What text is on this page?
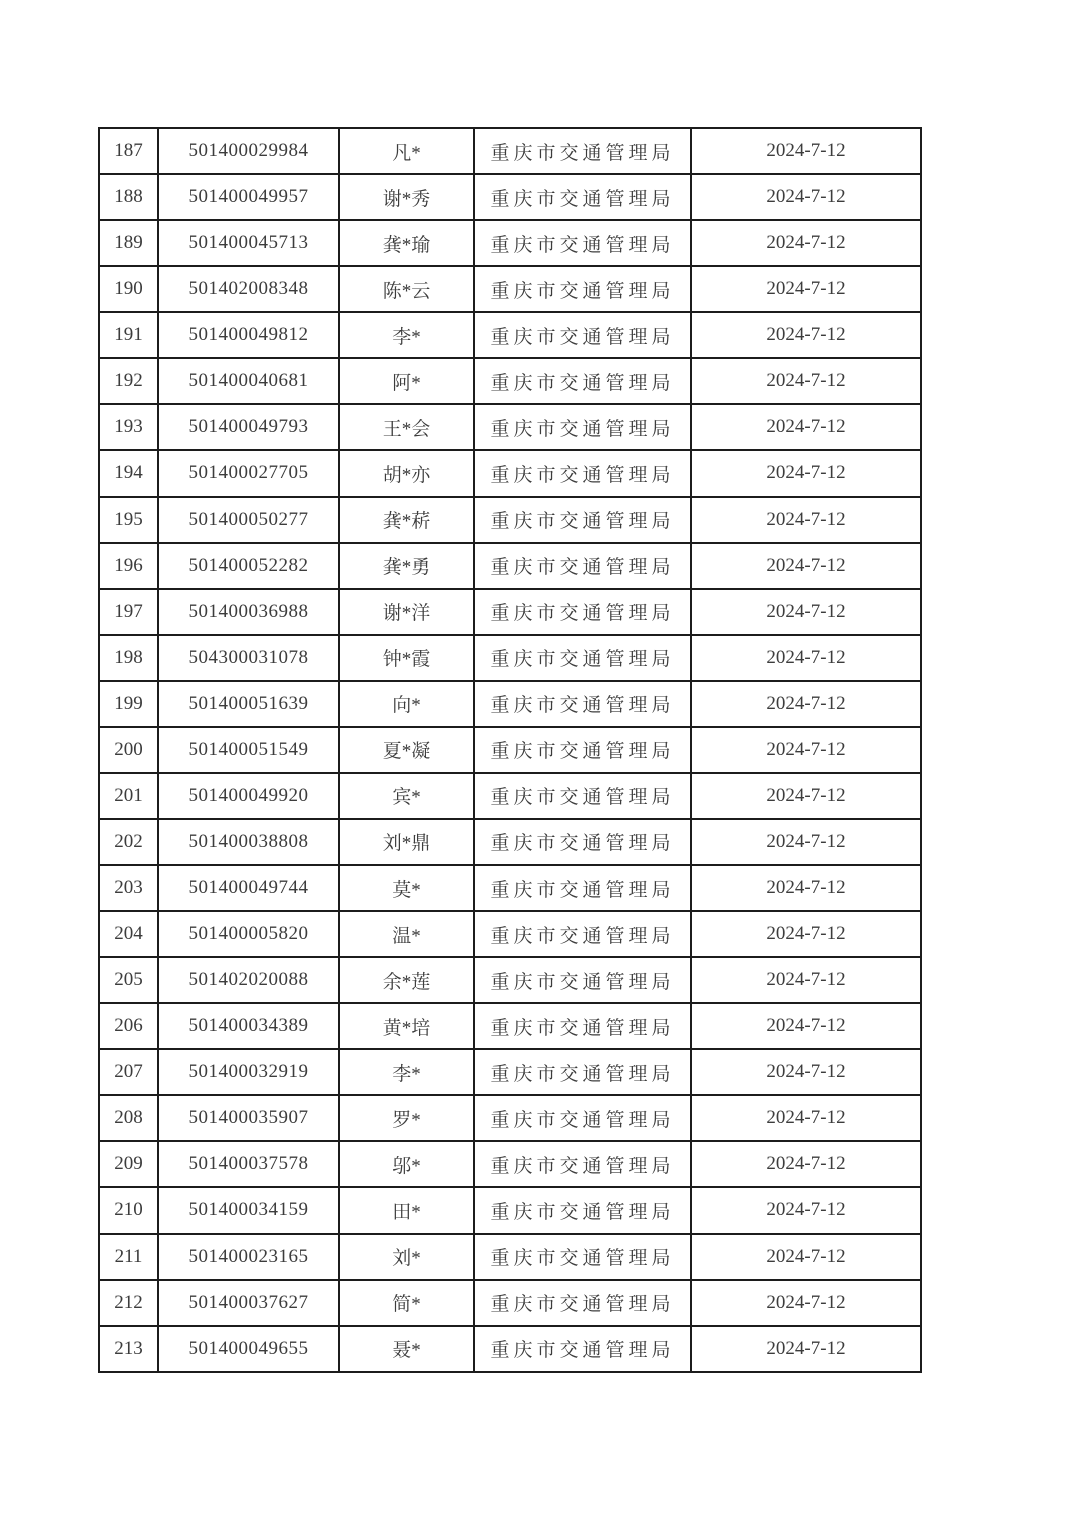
187	501400029984	凡*	重庆市交通管理局	2024-7-12
188	501400049957	谢*秀	重庆市交通管理局	2024-7-12
189	501400045713	龚*瑜	重庆市交通管理局	2024-7-12
190	501402008348	陈*云	重庆市交通管理局	2024-7-12
191	501400049812	李*	重庆市交通管理局	2024-7-12
192	501400040681	阿*	重庆市交通管理局	2024-7-12
193	501400049793	王*会	重庆市交通管理局	2024-7-12
194	501400027705	胡*亦	重庆市交通管理局	2024-7-12
195	501400050277	龚*菥	重庆市交通管理局	2024-7-12
196	501400052282	龚*勇	重庆市交通管理局	2024-7-12
197	501400036988	谢*洋	重庆市交通管理局	2024-7-12
198	504300031078	钟*霞	重庆市交通管理局	2024-7-12
199	501400051639	向*	重庆市交通管理局	2024-7-12
200	501400051549	夏*凝	重庆市交通管理局	2024-7-12
201	501400049920	宾*	重庆市交通管理局	2024-7-12
202	501400038808	刘*鼎	重庆市交通管理局	2024-7-12
203	501400049744	莫*	重庆市交通管理局	2024-7-12
204	501400005820	温*	重庆市交通管理局	2024-7-12
205	501402020088	余*莲	重庆市交通管理局	2024-7-12
206	501400034389	黄*培	重庆市交通管理局	2024-7-12
207	501400032919	李*	重庆市交通管理局	2024-7-12
208	501400035907	罗*	重庆市交通管理局	2024-7-12
209	501400037578	邬*	重庆市交通管理局	2024-7-12
210	501400034159	田*	重庆市交通管理局	2024-7-12
211	501400023165	刘*	重庆市交通管理局	2024-7-12
212	501400037627	简*	重庆市交通管理局	2024-7-12
213	501400049655	聂*	重庆市交通管理局	2024-7-12
